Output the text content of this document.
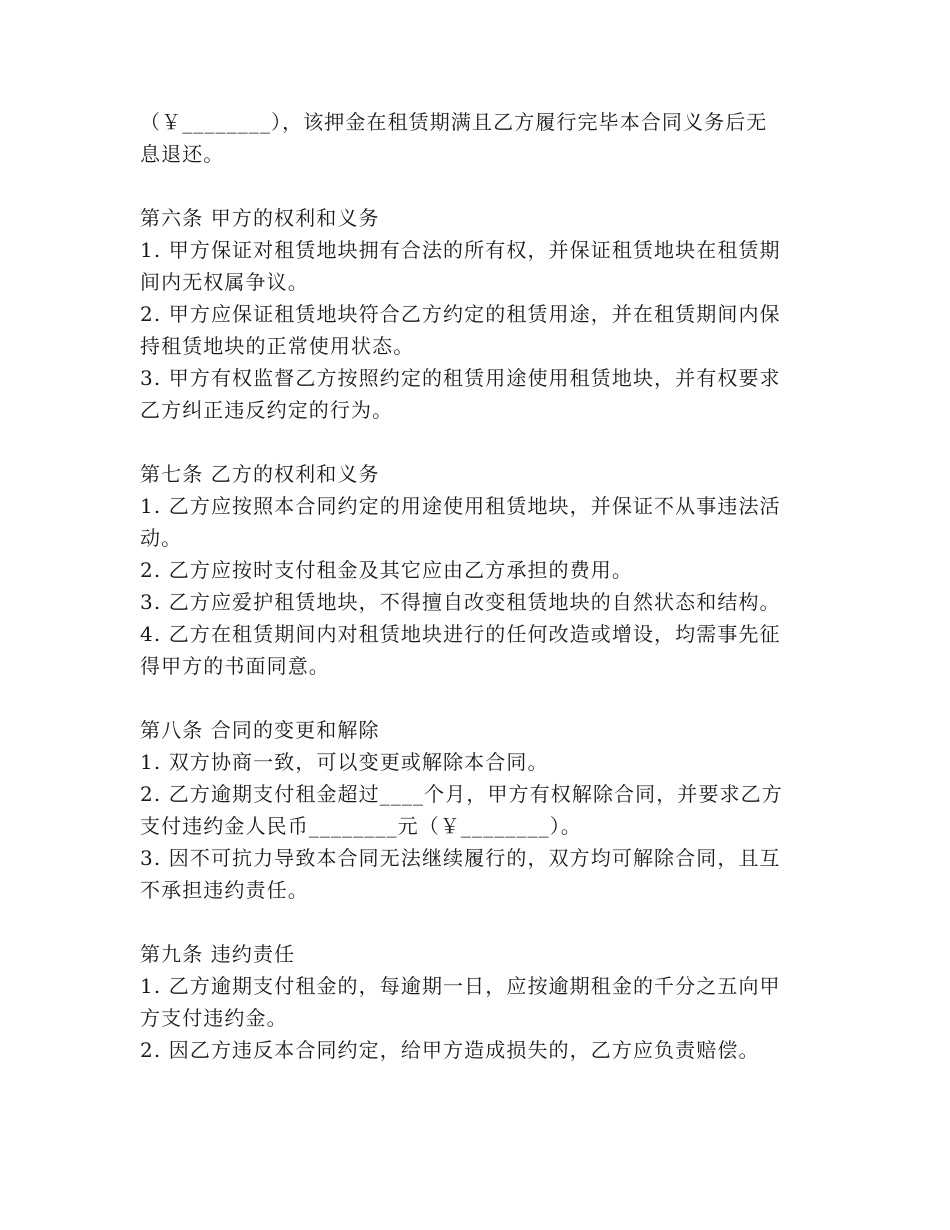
（￥________），该押金在租赁期满且乙方履行完毕本合同义务后无
息退还。
第六条 甲方的权利和义务
1. 甲方保证对租赁地块拥有合法的所有权，并保证租赁地块在租赁期
间内无权属争议。
2. 甲方应保证租赁地块符合乙方约定的租赁用途，并在租赁期间内保
持租赁地块的正常使用状态。
3. 甲方有权监督乙方按照约定的租赁用途使用租赁地块，并有权要求
乙方纠正违反约定的行为。
第七条 乙方的权利和义务
1. 乙方应按照本合同约定的用途使用租赁地块，并保证不从事违法活
动。
2. 乙方应按时支付租金及其它应由乙方承担的费用。
3. 乙方应爱护租赁地块，不得擅自改变租赁地块的自然状态和结构。
4. 乙方在租赁期间内对租赁地块进行的任何改造或增设，均需事先征
得甲方的书面同意。
第八条 合同的变更和解除
1. 双方协商一致，可以变更或解除本合同。
2. 乙方逾期支付租金超过____个月，甲方有权解除合同，并要求乙方
支付违约金人民币________元（￥________）。
3. 因不可抗力导致本合同无法继续履行的，双方均可解除合同，且互
不承担违约责任。
第九条 违约责任
1. 乙方逾期支付租金的，每逾期一日，应按逾期租金的千分之五向甲
方支付违约金。
2. 因乙方违反本合同约定，给甲方造成损失的，乙方应负责赔偿。
